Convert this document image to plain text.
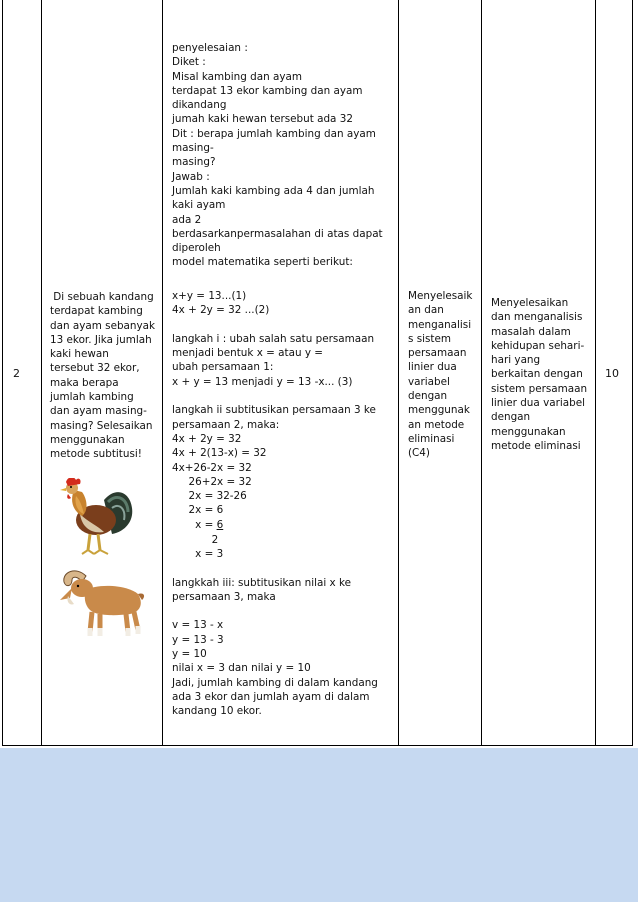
2
Di sebuah kandang
terdapat kambing
dan ayam sebanyak
13 ekor. Jika jumlah
kaki hewan
tersebut 32 ekor,
maka berapa
jumlah kambing
dan ayam masing-
masing? Selesaikan
menggunakan
metode subtitusi!
penyelesaian :
Diket :
Misal kambing dan ayam
terdapat 13 ekor kambing dan ayam
dikandang
jumah kaki hewan tersebut ada 32
Dit : berapa jumlah kambing dan ayam
masing-
masing?
Jawab :
Jumlah kaki kambing ada 4 dan jumlah
kaki ayam
ada 2
berdasarkanpermasalahan di atas dapat
diperoleh
model matematika seperti berikut:
x+y = 13...(1)
4x + 2y = 32 ...(2)

langkah i : ubah salah satu persamaan
menjadi bentuk x = atau y =
ubah persamaan 1:
x + y = 13 menjadi y = 13 -x... (3)

langkah ii subtitusikan persamaan 3 ke
persamaan 2, maka:
4x + 2y = 32
4x + 2(13-x) = 32
4x+26-2x = 32
26+2x = 32
2x = 32-26
2x = 6
x = 6
2
x = 3

langkkah iii: subtitusikan nilai x ke
persamaan 3, maka

v = 13 - x
y = 13 - 3
y = 10
nilai x = 3 dan nilai y = 10
Jadi, jumlah kambing di dalam kandang
ada 3 ekor dan jumlah ayam di dalam
kandang 10 ekor.
Menyelesaik
an dan
menganalisi
s sistem
persamaan
linier dua
variabel
dengan
menggunak
an metode
eliminasi
(C4)
Menyelesaikan
dan menganalisis
masalah dalam
kehidupan sehari-
hari yang
berkaitan dengan
sistem persamaan
linier dua variabel
dengan
menggunakan
metode eliminasi
10
